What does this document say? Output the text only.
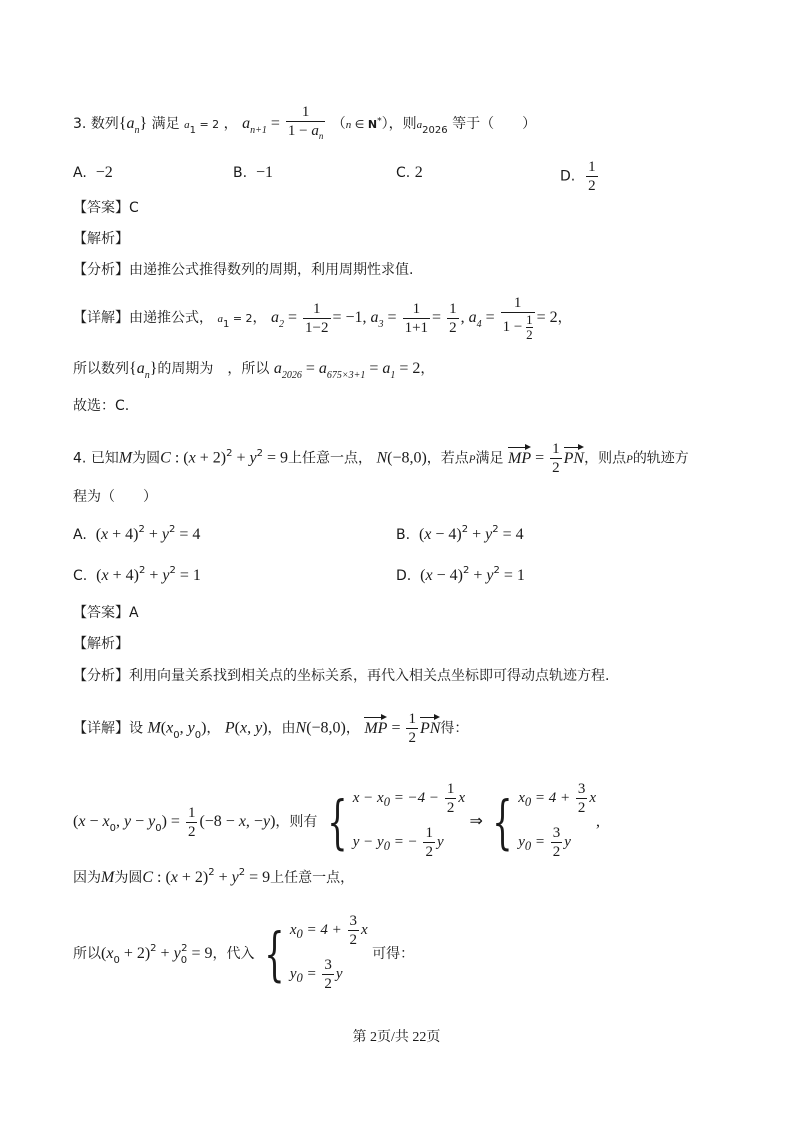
3. 数列$\{a_n\}$ 满足 $a_1 = 2$ ， $a_{n+1} = \frac{1}{1 - a_n} (n$ ∈ N*），则$a_{2026}$ 等于（　　）
A. −2	B. −1	C. 2	D. $\frac{1}{2}$
【答案】C
【解析】
【分析】由递推公式推得数列的周期，利用周期性求值.
【详解】由递推公式， $a_1 = 2$， $a_2 = \frac{1}{1-2} = -1$, $a_3 = \frac{1}{1+1} = \frac{1}{2}$ , $a_4 = \frac{1}{1 - \frac{1}{2}} = 2$，
所以数列$\{a_n\}$的周期为　，所以 $a_{2026} = a_{675\times 3+1} = a_1 = 2$，
故选：C.
4. 已知M为圆C : $(x + 2)^2 + y^2 = 9$上任意一点， N(−8,0)，若点P满足 MP = $\frac{1}{2}$ PN，则点P的轨迹方
程为（　　）
A. $(x + 4)^2 + y^2 = 4$	B. $(x - 4)^2 + y^2 = 4$
C. $(x + 4)^2 + y^2 = 1$	D. $(x - 4)^2 + y^2 = 1$
【答案】A
【解析】
【分析】利用向量关系找到相关点的坐标关系，再代入相关点坐标即可得动点轨迹方程.
【详解】设 $M(x_0$, $y_0$)， P(x, y)，由N(−8,0)， MP = $\frac{1}{2}$ PN得：
($x - x_0$, $y - y_0) = \frac{1}{2} (-8 - x$, −y)，则有 { $x - x_0 = -4 - \frac{1}{2}$ x
$y - y_0$ = − $\frac{1}{2}$ y
⇒ { $x_0 = 4 + \frac{3}{2}$ x
$y_0 = \frac{3}{2}$ y
,
因为M为圆C : $(x + 2)^2 + y^2 = 9$上任意一点，
所以$(x_0 + 2)^2 + y_0^2 = 9$，代入 { $x_0 = 4 + \frac{3}{2}$ x
$y_0 = \frac{3}{2}$ y
可得：
第 2页/共 22页
